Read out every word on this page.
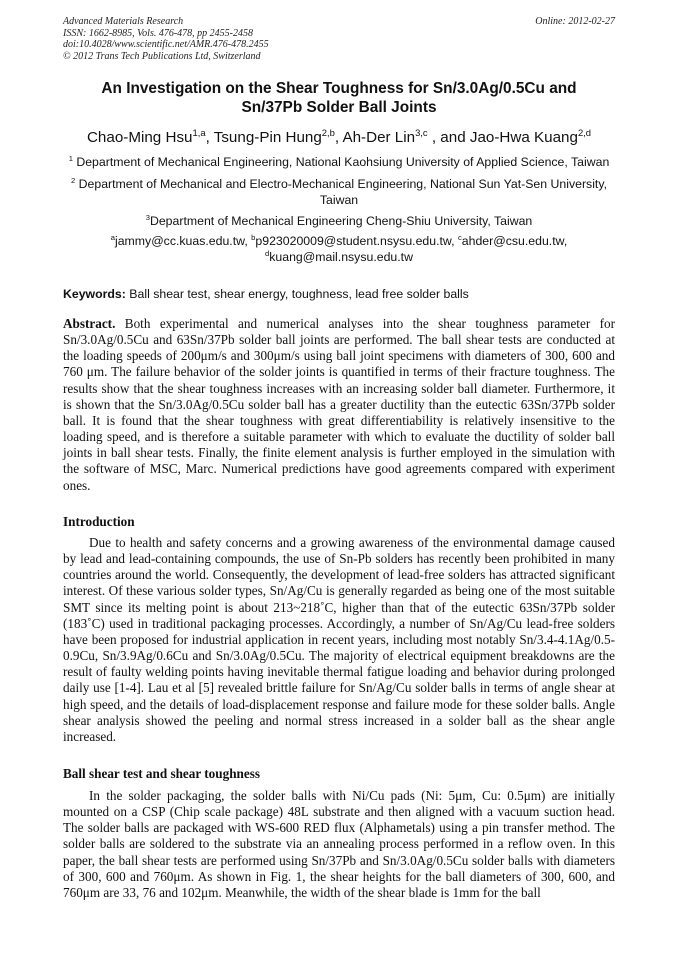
Advanced Materials Research
ISSN: 1662-8985, Vols. 476-478, pp 2455-2458
doi:10.4028/www.scientific.net/AMR.476-478.2455
© 2012 Trans Tech Publications Ltd, Switzerland
Online: 2012-02-27
An Investigation on the Shear Toughness for Sn/3.0Ag/0.5Cu and
Sn/37Pb Solder Ball Joints
Chao-Ming Hsu$^{1,a}$, Tsung-Pin Hung$^{2,b}$, Ah-Der Lin$^{3,c}$ , and Jao-Hwa Kuang$^{2,d}$
$^1$ Department of Mechanical Engineering, National Kaohsiung University of Applied Science, Taiwan
$^2$ Department of Mechanical and Electro-Mechanical Engineering, National Sun Yat-Sen University,
Taiwan
$^3$Department of Mechanical Engineering Cheng-Shiu University, Taiwan
$^a$jammy@cc.kuas.edu.tw, $^b$p923020009@student.nsysu.edu.tw, $^c$ahder@csu.edu.tw,
$^d$kuang@mail.nsysu.edu.tw
Keywords: Ball shear test, shear energy, toughness, lead free solder balls
Abstract. Both experimental and numerical analyses into the shear toughness parameter for Sn/3.0Ag/0.5Cu and 63Sn/37Pb solder ball joints are performed. The ball shear tests are conducted at the loading speeds of 200μm/s and 300μm/s using ball joint specimens with diameters of 300, 600 and 760 μm. The failure behavior of the solder joints is quantified in terms of their fracture toughness. The results show that the shear toughness increases with an increasing solder ball diameter. Furthermore, it is shown that the Sn/3.0Ag/0.5Cu solder ball has a greater ductility than the eutectic 63Sn/37Pb solder ball. It is found that the shear toughness with great differentiability is relatively insensitive to the loading speed, and is therefore a suitable parameter with which to evaluate the ductility of solder ball joints in ball shear tests. Finally, the finite element analysis is further employed in the simulation with the software of MSC, Marc. Numerical predictions have good agreements compared with experiment ones.
Introduction
Due to health and safety concerns and a growing awareness of the environmental damage caused by lead and lead-containing compounds, the use of Sn-Pb solders has recently been prohibited in many countries around the world. Consequently, the development of lead-free solders has attracted significant interest. Of these various solder types, Sn/Ag/Cu is generally regarded as being one of the most suitable SMT since its melting point is about 213~218˚C, higher than that of the eutectic 63Sn/37Pb solder (183˚C) used in traditional packaging processes. Accordingly, a number of Sn/Ag/Cu lead-free solders have been proposed for industrial application in recent years, including most notably Sn/3.4-4.1Ag/0.5-0.9Cu, Sn/3.9Ag/0.6Cu and Sn/3.0Ag/0.5Cu. The majority of electrical equipment breakdowns are the result of faulty welding points having inevitable thermal fatigue loading and behavior during prolonged daily use [1-4]. Lau et al [5] revealed brittle failure for Sn/Ag/Cu solder balls in terms of angle shear at high speed, and the details of load-displacement response and failure mode for these solder balls. Angle shear analysis showed the peeling and normal stress increased in a solder ball as the shear angle increased.
Ball shear test and shear toughness
In the solder packaging, the solder balls with Ni/Cu pads (Ni: 5μm, Cu: 0.5μm) are initially mounted on a CSP (Chip scale package) 48L substrate and then aligned with a vacuum suction head. The solder balls are packaged with WS-600 RED flux (Alphametals) using a pin transfer method. The solder balls are soldered to the substrate via an annealing process performed in a reflow oven. In this paper, the ball shear tests are performed using Sn/37Pb and Sn/3.0Ag/0.5Cu solder balls with diameters of 300, 600 and 760μm. As shown in Fig. 1, the shear heights for the ball diameters of 300, 600, and 760μm are 33, 76 and 102μm. Meanwhile, the width of the shear blade is 1mm for the ball
